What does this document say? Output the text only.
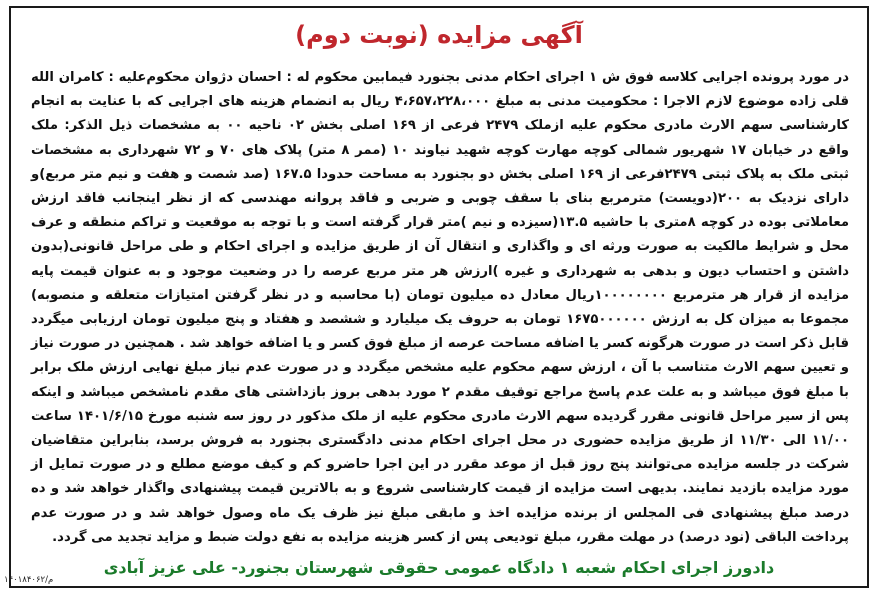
آگهی مزایده (نوبت دوم)

در مورد پرونده اجرایی کلاسه فوق ش ۱ اجرای احکام مدنی بجنورد فیمابین محکوم له : احسان دژوان محکوم‌علیه : کامران الله قلی زاده موضوع لازم الاجرا : محکومیت مدنی به مبلغ ۴،۶۵۷،۲۲۸،۰۰۰ ریال به انضمام هزینه های اجرایی که با عنایت به انجام کارشناسی سهم الارث مادری محکوم علیه ازملک ۲۴۷۹ فرعی از ۱۶۹ اصلی بخش ۰۲ ناحیه ۰۰ به مشخصات ذیل الذکر: ملک واقع در خیابان ۱۷ شهریور شمالی کوچه مهارت کوچه شهید نیاوند ۱۰ (ممر ۸ متر) پلاک های ۷۰ و ۷۲ شهرداری به مشخصات ثبتی ملک به پلاک ثبتی ۲۴۷۹فرعی از ۱۶۹ اصلی بخش دو بجنورد به مساحت حدودا ۱۶۷.۵ (صد شصت و هفت و نیم متر مربع)و دارای نزدیک به ۲۰۰(دویست) مترمربع بنای با سقف چوبی و ضربی و فاقد پروانه مهندسی که از نظر اینجانب فاقد ارزش معاملاتی بوده در کوچه ۸متری با حاشیه ۱۳.۵(سیزده و نیم )متر قرار گرفته است و با توجه به موقعیت و تراکم منطقه و عرف محل و شرایط مالکیت به صورت ورثه ای و واگذاری و انتقال آن از طریق مزایده و اجرای احکام و طی مراحل قانونی(بدون داشتن و احتساب دیون و بدهی به شهرداری و غیره )ارزش هر متر مربع عرصه را در وضعیت موجود و به عنوان قیمت پایه مزایده از قرار هر مترمربع ۱۰۰۰۰۰۰۰۰ریال معادل ده میلیون تومان (با محاسبه و در نظر گرفتن امتیازات متعلقه و منصوبه) مجموعا به میزان کل به ارزش ۱۶۷۵۰۰۰۰۰۰ تومان به حروف یک میلیارد و ششصد و هفتاد و پنج میلیون تومان ارزیابی میگردد قابل ذکر است در صورت هرگونه کسر یا اضافه مساحت عرصه از مبلغ فوق کسر و یا اضافه خواهد شد . همچنین در صورت نیاز و تعیین سهم الارث متناسب با آن ، ارزش سهم محکوم علیه مشخص میگردد و در صورت عدم نیاز مبلغ نهایی ارزش ملک برابر با مبلغ فوق میباشد و به علت عدم پاسخ مراجع توقیف مقدم ۲ مورد بدهی بروز بازداشتی های مقدم نامشخص میباشد و اینکه پس از سیر مراحل قانونی مقرر گردیده سهم الارث مادری محکوم علیه از ملک مذکور در روز سه شنبه مورخ ۱۴۰۱/۶/۱۵ ساعت ۱۱/۰۰ الی ۱۱/۳۰ از طریق مزایده حضوری در محل اجرای احکام مدنی دادگستری بجنورد به فروش برسد، بنابراین متقاضیان شرکت در جلسه مزایده می‌توانند پنج روز قبل از موعد مقرر در این اجرا حاضرو کم و کیف موضع مطلع و در صورت تمایل از مورد مزایده بازدید نمایند. بدیهی است مزایده از قیمت کارشناسی شروع و به بالاترین قیمت پیشنهادی واگذار خواهد شد و ده درصد مبلغ پیشنهادی فی المجلس از برنده مزایده اخذ و مابقی مبلغ نیز ظرف یک ماه وصول خواهد شد و در صورت عدم پرداخت الباقی (نود درصد) در مهلت مقرر، مبلغ تودیعی پس از کسر هزینه مزایده به نفع دولت ضبط و مزاید تجدید می گردد.

دادورز اجرای احکام شعبه ۱ دادگاه عمومی حقوقی شهرستان بجنورد- علی عزیز آبادی
م/۱۴۰۱۸۴۰۶۲
